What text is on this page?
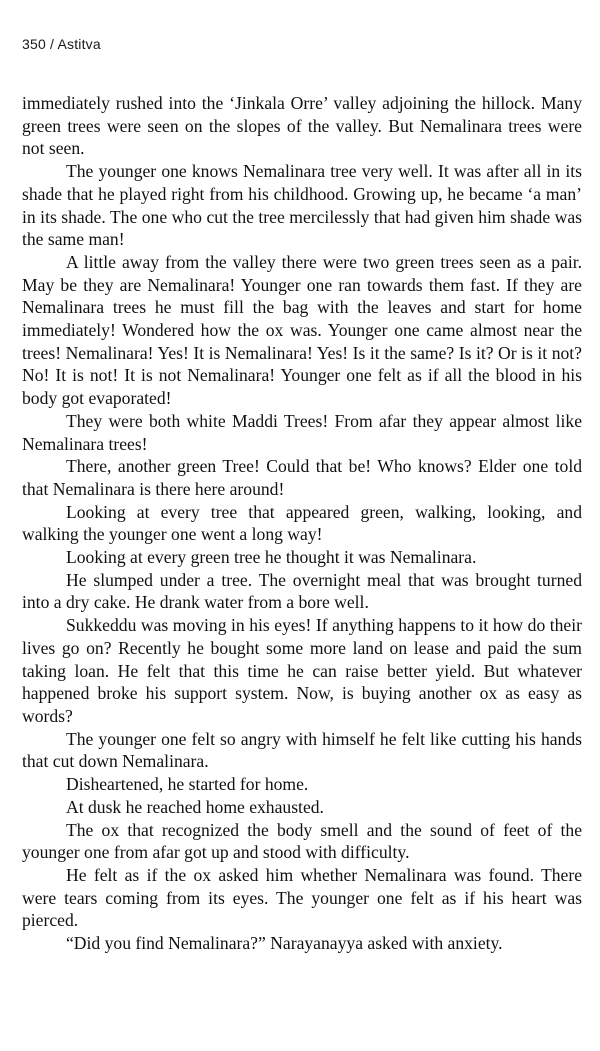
350 / Astitva

immediately rushed into the ‘Jinkala Orre’ valley adjoining the hillock. Many green trees were seen on the slopes of the valley. But Nemalinara trees were not seen.

The younger one knows Nemalinara tree very well. It was after all in its shade that he played right from his childhood. Growing up, he became ‘a man’ in its shade. The one who cut the tree mercilessly that had given him shade was the same man!

A little away from the valley there were two green trees seen as a pair. May be they are Nemalinara! Younger one ran towards them fast. If they are Nemalinara trees he must fill the bag with the leaves and start for home immediately! Wondered how the ox was. Younger one came almost near the trees! Nemalinara! Yes! It is Nemalinara! Yes! Is it the same? Is it? Or is it not? No! It is not! It is not Nemalinara! Younger one felt as if all the blood in his body got evaporated!

They were both white Maddi Trees! From afar they appear almost like Nemalinara trees!

There, another green Tree! Could that be! Who knows? Elder one told that Nemalinara is there here around!

Looking at every tree that appeared green, walking, looking, and walking the younger one went a long way!

Looking at every green tree he thought it was Nemalinara.

He slumped under a tree. The overnight meal that was brought turned into a dry cake. He drank water from a bore well.

Sukkeddu was moving in his eyes! If anything happens to it how do their lives go on? Recently he bought some more land on lease and paid the sum taking loan. He felt that this time he can raise better yield. But whatever happened broke his support system. Now, is buying another ox as easy as words?

The younger one felt so angry with himself he felt like cutting his hands that cut down Nemalinara.

Disheartened, he started for home.

At dusk he reached home exhausted.

The ox that recognized the body smell and the sound of feet of the younger one from afar got up and stood with difficulty.

He felt as if the ox asked him whether Nemalinara was found. There were tears coming from its eyes. The younger one felt as if his heart was pierced.

“Did you find Nemalinara?” Narayanayya asked with anxiety.
